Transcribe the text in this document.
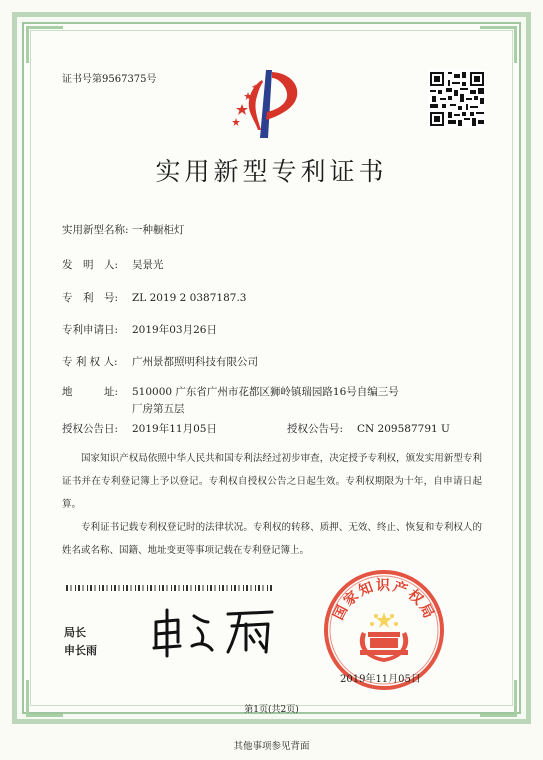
证书号第9567375号
实用新型专利证书
实用新型名称: 一种橱柜灯
发　明　人: 吴景光
专　利　号: ZL 2019 2 0387187.3
专利申请日: 2019年03月26日
专 利 权 人: 广州景都照明科技有限公司
地　　　址: 510000 广东省广州市花都区狮岭镇瑞园路16号自编三号
厂房第五层
授权公告日: 2019年11月05日	授权公告号: CN 209587791 U

国家知识产权局依照中华人民共和国专利法经过初步审查，决定授予专利权，颁发实用新型专利证书并在专利登记簿上予以登记。专利权自授权公告之日起生效。专利权期限为十年，自申请日起算。

专利证书记载专利权登记时的法律状况。专利权的转移、质押、无效、终止、恢复和专利权人的姓名或名称、国籍、地址变更等事项记载在专利登记簿上。

局长
申长雨
国家知识产权局
2019年11月05日
第1页(共2页)
其他事项参见背面
